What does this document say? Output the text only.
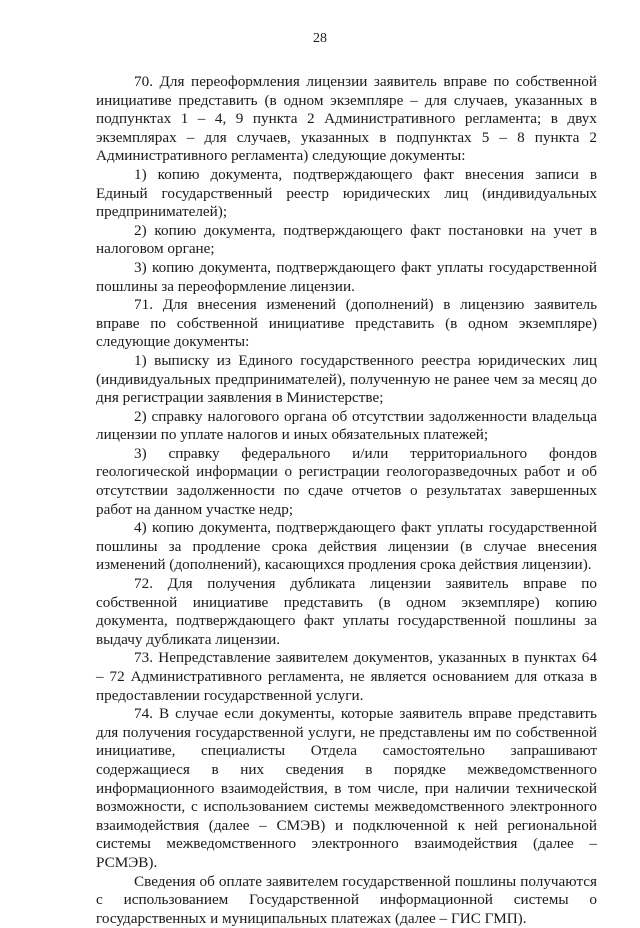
28

70. Для переоформления лицензии заявитель вправе по собственной инициативе представить (в одном экземпляре – для случаев, указанных в подпунктах 1 – 4, 9 пункта 2 Административного регламента; в двух экземплярах – для случаев, указанных в подпунктах 5 – 8 пункта 2 Административного регламента) следующие документы:

1) копию документа, подтверждающего факт внесения записи в Единый государственный реестр юридических лиц (индивидуальных предпринимателей);

2) копию документа, подтверждающего факт постановки на учет в налоговом органе;

3) копию документа, подтверждающего факт уплаты государственной пошлины за переоформление лицензии.

71. Для внесения изменений (дополнений) в лицензию заявитель вправе по собственной инициативе представить (в одном экземпляре) следующие документы:

1) выписку из Единого государственного реестра юридических лиц (индивидуальных предпринимателей), полученную не ранее чем за месяц до дня регистрации заявления в Министерстве;

2) справку налогового органа об отсутствии задолженности владельца лицензии по уплате налогов и иных обязательных платежей;

3) справку федерального и/или территориального фондов геологической информации о регистрации геологоразведочных работ и об отсутствии задолженности по сдаче отчетов о результатах завершенных работ на данном участке недр;

4) копию документа, подтверждающего факт уплаты государственной пошлины за продление срока действия лицензии (в случае внесения изменений (дополнений), касающихся продления срока действия лицензии).

72. Для получения дубликата лицензии заявитель вправе по собственной инициативе представить (в одном экземпляре) копию документа, подтверждающего факт уплаты государственной пошлины за выдачу дубликата лицензии.

73. Непредставление заявителем документов, указанных в пунктах 64 – 72 Административного регламента, не является основанием для отказа в предоставлении государственной услуги.

74. В случае если документы, которые заявитель вправе представить для получения государственной услуги, не представлены им по собственной инициативе, специалисты Отдела самостоятельно запрашивают содержащиеся в них сведения в порядке межведомственного информационного взаимодействия, в том числе, при наличии технической возможности, с использованием системы межведомственного электронного взаимодействия (далее – СМЭВ) и подключенной к ней региональной системы межведомственного электронного взаимодействия (далее – РСМЭВ).

Сведения об оплате заявителем государственной пошлины получаются с использованием Государственной информационной системы о государственных и муниципальных платежах (далее – ГИС ГМП).
